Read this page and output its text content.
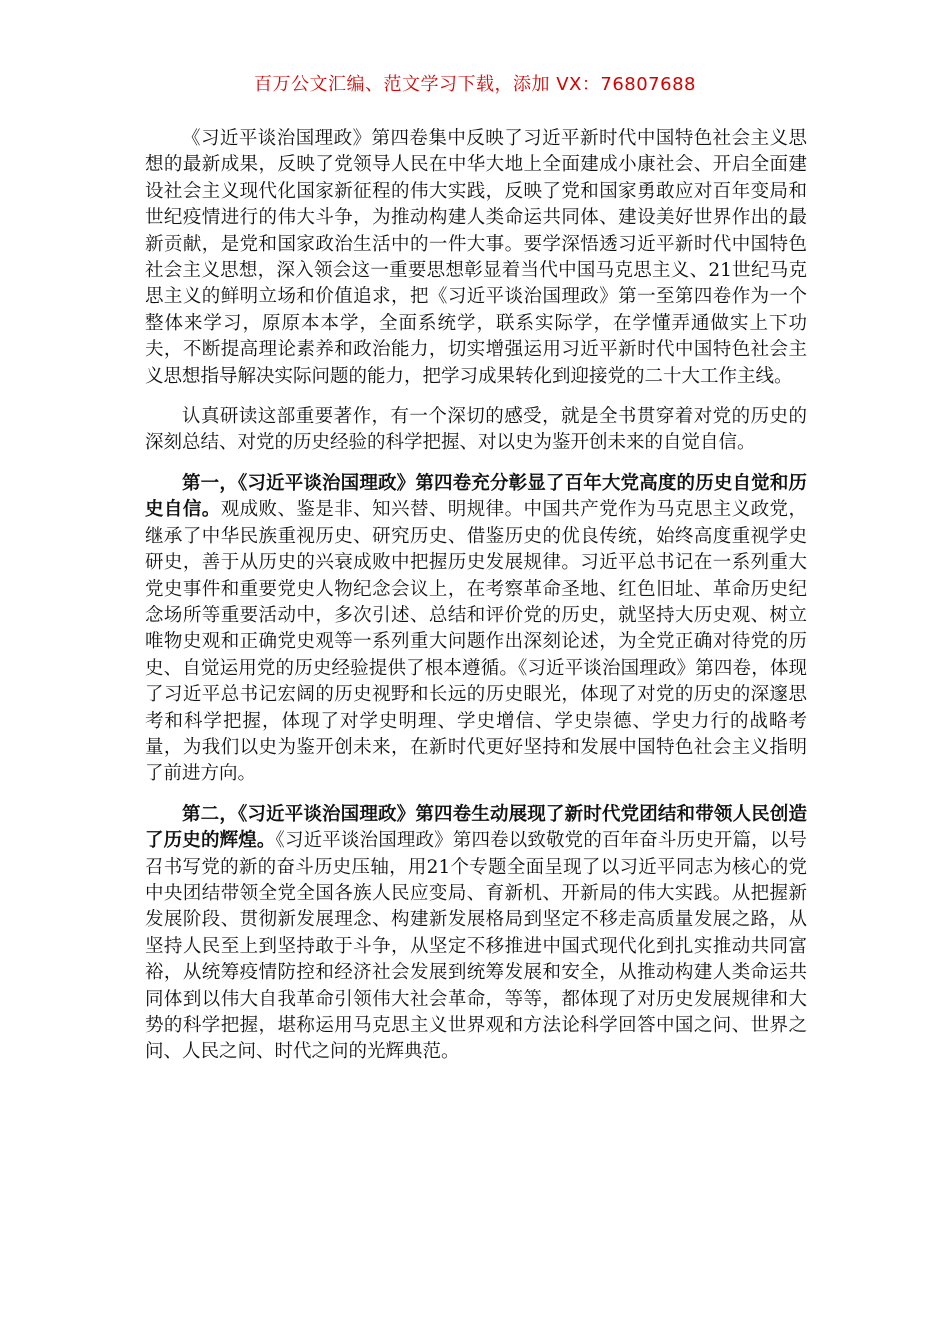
百万公文汇编、范文学习下载，添加 VX：76807688

《习近平谈治国理政》第四卷集中反映了习近平新时代中国特色社会主义思想的最新成果，反映了党领导人民在中华大地上全面建成小康社会、开启全面建设社会主义现代化国家新征程的伟大实践，反映了党和国家勇敢应对百年变局和世纪疫情进行的伟大斗争，为推动构建人类命运共同体、建设美好世界作出的最新贡献，是党和国家政治生活中的一件大事。要学深悟透习近平新时代中国特色社会主义思想，深入领会这一重要思想彰显着当代中国马克思主义、21世纪马克思主义的鲜明立场和价值追求，把《习近平谈治国理政》第一至第四卷作为一个整体来学习，原原本本学，全面系统学，联系实际学，在学懂弄通做实上下功夫，不断提高理论素养和政治能力，切实增强运用习近平新时代中国特色社会主义思想指导解决实际问题的能力，把学习成果转化到迎接党的二十大工作主线。

认真研读这部重要著作，有一个深切的感受，就是全书贯穿着对党的历史的深刻总结、对党的历史经验的科学把握、对以史为鉴开创未来的自觉自信。

第一，《习近平谈治国理政》第四卷充分彰显了百年大党高度的历史自觉和历史自信。观成败、鉴是非、知兴替、明规律。中国共产党作为马克思主义政党，继承了中华民族重视历史、研究历史、借鉴历史的优良传统，始终高度重视学史研史，善于从历史的兴衰成败中把握历史发展规律。习近平总书记在一系列重大党史事件和重要党史人物纪念会议上，在考察革命圣地、红色旧址、革命历史纪念场所等重要活动中，多次引述、总结和评价党的历史，就坚持大历史观、树立唯物史观和正确党史观等一系列重大问题作出深刻论述，为全党正确对待党的历史、自觉运用党的历史经验提供了根本遵循。《习近平谈治国理政》第四卷，体现了习近平总书记宏阔的历史视野和长远的历史眼光，体现了对党的历史的深邃思考和科学把握，体现了对学史明理、学史增信、学史崇德、学史力行的战略考量，为我们以史为鉴开创未来，在新时代更好坚持和发展中国特色社会主义指明了前进方向。

第二，《习近平谈治国理政》第四卷生动展现了新时代党团结和带领人民创造了历史的辉煌。《习近平谈治国理政》第四卷以致敬党的百年奋斗历史开篇，以号召书写党的新的奋斗历史压轴，用21个专题全面呈现了以习近平同志为核心的党中央团结带领全党全国各族人民应变局、育新机、开新局的伟大实践。从把握新发展阶段、贯彻新发展理念、构建新发展格局到坚定不移走高质量发展之路，从坚持人民至上到坚持敢于斗争，从坚定不移推进中国式现代化到扎实推动共同富裕，从统筹疫情防控和经济社会发展到统筹发展和安全，从推动构建人类命运共同体到以伟大自我革命引领伟大社会革命，等等，都体现了对历史发展规律和大势的科学把握，堪称运用马克思主义世界观和方法论科学回答中国之问、世界之问、人民之问、时代之问的光辉典范。
